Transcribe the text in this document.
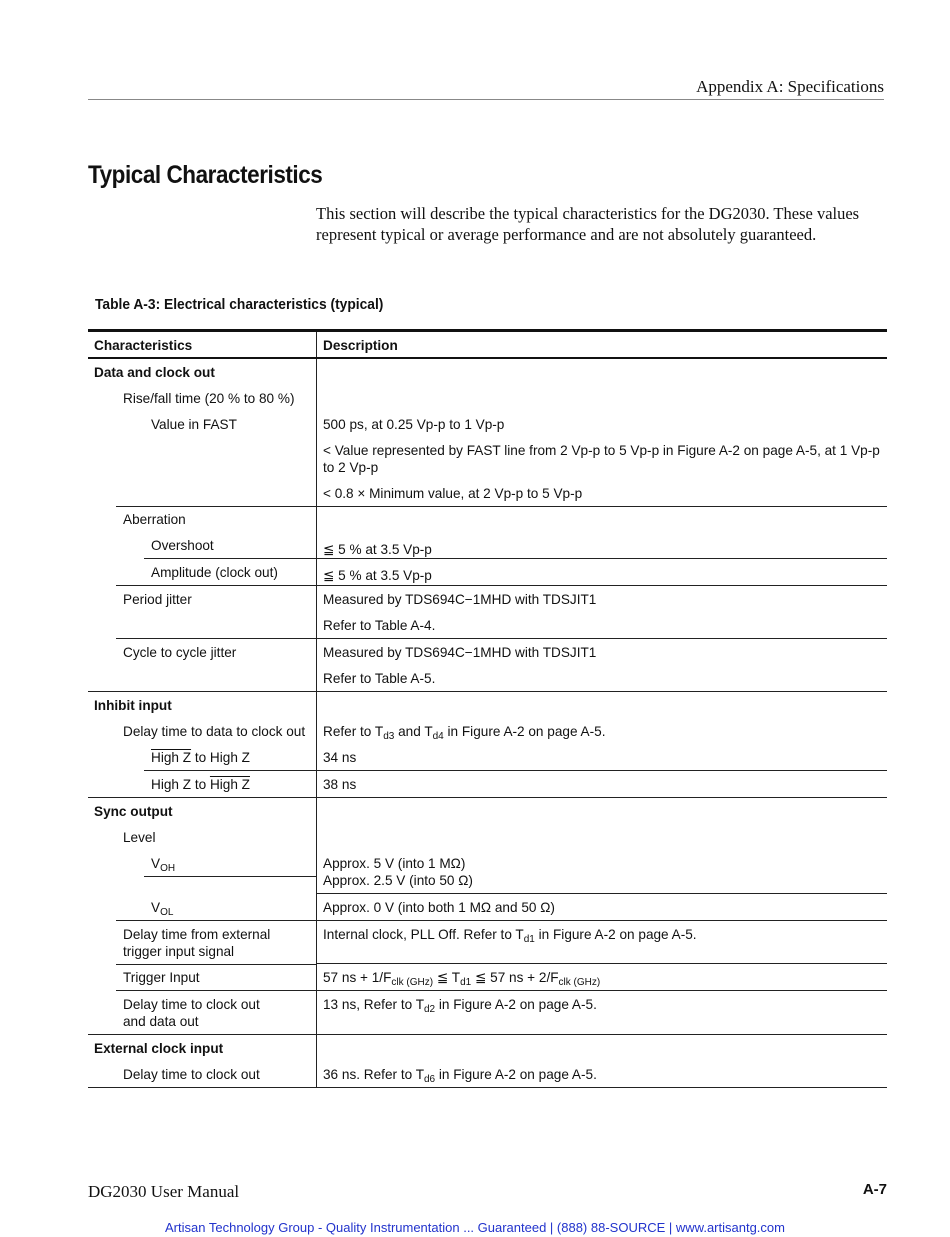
Appendix A: Specifications
Typical Characteristics
This section will describe the typical characteristics for the DG2030. These values represent typical or average performance and are not absolutely guaranteed.
Table A-3: Electrical characteristics (typical)
Characteristics	Description

Data and clock out	

Rise/fall time (20 % to 80 %)	

Value in FAST	500 ps, at 0.25 Vp-p to 1 Vp-p

	< Value represented by FAST line from 2 Vp-p to 5 Vp-p in Figure A-2 on page A-5, at 1 Vp-p to 2 Vp-p

	< 0.8 × Minimum value, at 2 Vp-p to 5 Vp-p

Aberration	

Overshoot	≦ 5 % at 3.5 Vp-p

Amplitude (clock out)	≦ 5 % at 3.5 Vp-p

Period jitter	Measured by TDS694C−1MHD with TDSJIT1

	Refer to Table A-4.

Cycle to cycle jitter	Measured by TDS694C−1MHD with TDSJIT1

	Refer to Table A-5.

Inhibit input	

Delay time to data to clock out	Refer to $T_{d3}$ and $T_{d4}$ in Figure A-2 on page A-5.

High Z to High Z	34 ns

High Z to High Z	38 ns

Sync output	

Level	

$V_{OH}$	Approx. 5 V (into 1 MΩ)
Approx. 2.5 V (into 50 Ω)

$V_{OL}$	Approx. 0 V (into both 1 MΩ and 50 Ω)

Delay time from external trigger input signal	Internal clock, PLL Off. Refer to $T_{d1}$ in Figure A-2 on page A-5.

Trigger Input	57 ns + $1/F_{clk (GHz)}$ ≦ $T_{d1}$ ≦ 57 ns + $2/F_{clk (GHz)}$

Delay time to clock out and data out	13 ns, Refer to $T_{d2}$ in Figure A-2 on page A-5.

External clock input	

Delay time to clock out	36 ns. Refer to $T_{d6}$ in Figure A-2 on page A-5.
DG2030 User Manual	A-7
Artisan Technology Group - Quality Instrumentation ... Guaranteed | (888) 88-SOURCE | www.artisantg.com
